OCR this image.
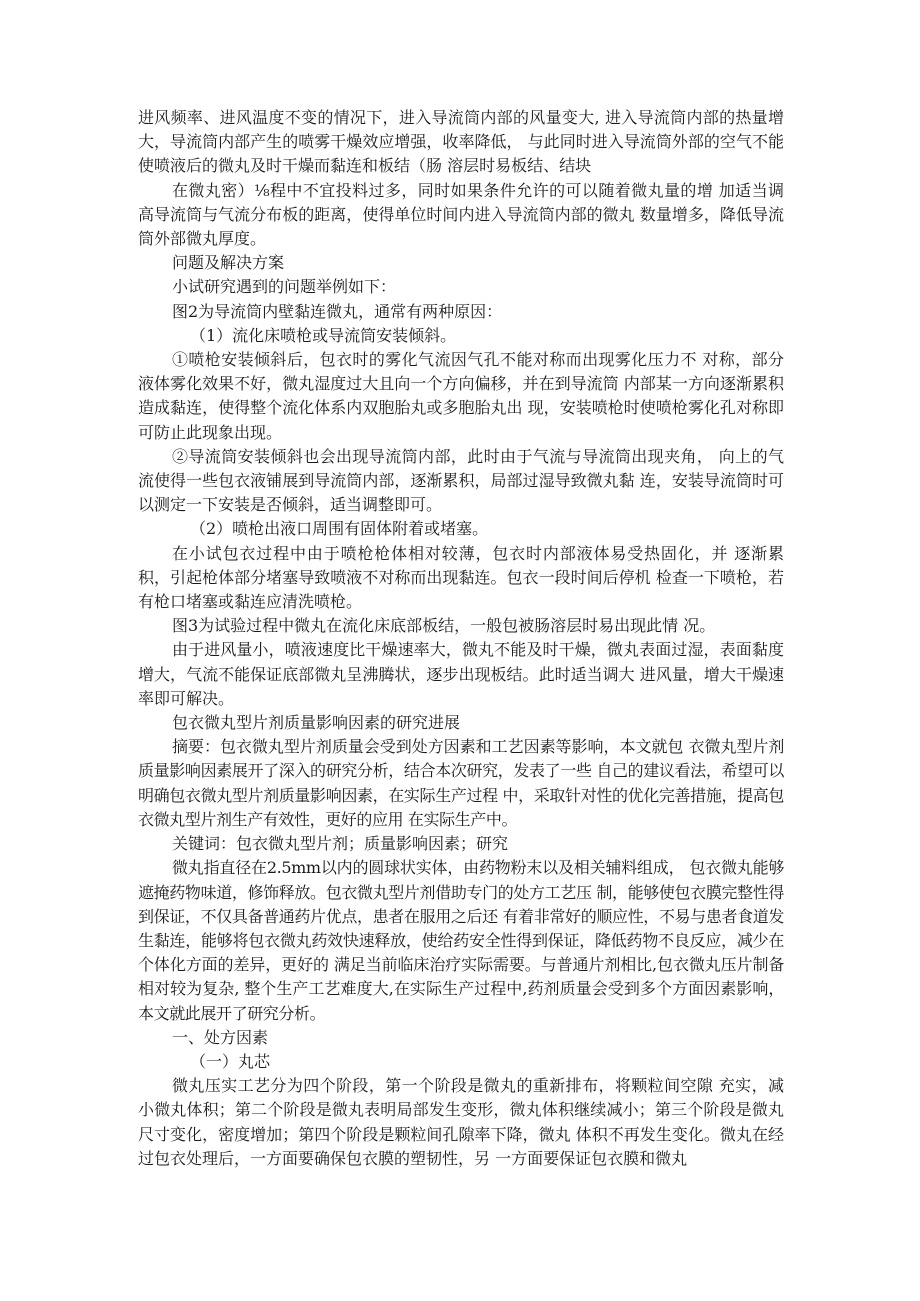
进风频率、进风温度不变的情况下，进入导流筒内部的风量变大, 进入导流筒内部的热量增大，导流筒内部产生的喷雾干燥效应增强，收率降低， 与此同时进入导流筒外部的空气不能使喷液后的微丸及时干燥而黏连和板结（肠 溶层时易板结、结块

在微丸密）⅛程中不宜投料过多，同时如果条件允许的可以随着微丸量的增 加适当调高导流筒与气流分布板的距离，使得单位时间内进入导流筒内部的微丸 数量增多，降低导流筒外部微丸厚度。

问题及解决方案

小试研究遇到的问题举例如下：

图2为导流筒内壁黏连微丸，通常有两种原因：

（1）流化床喷枪或导流筒安装倾斜。

①喷枪安装倾斜后，包衣时的雾化气流因气孔不能对称而出现雾化压力不 对称，部分液体雾化效果不好，微丸湿度过大且向一个方向偏移，并在到导流筒 内部某一方向逐渐累积造成黏连，使得整个流化体系内双胞胎丸或多胞胎丸出 现，安装喷枪时使喷枪雾化孔对称即可防止此现象出现。

②导流筒安装倾斜也会出现导流筒内部，此时由于气流与导流筒出现夹角， 向上的气流使得一些包衣液铺展到导流筒内部，逐渐累积，局部过湿导致微丸黏 连，安装导流筒时可以测定一下安装是否倾斜，适当调整即可。

（2）喷枪出液口周围有固体附着或堵塞。

在小试包衣过程中由于喷枪枪体相对较薄，包衣时内部液体易受热固化，并 逐渐累积，引起枪体部分堵塞导致喷液不对称而出现黏连。包衣一段时间后停机 检查一下喷枪，若有枪口堵塞或黏连应清洗喷枪。

图3为试验过程中微丸在流化床底部板结，一般包被肠溶层时易出现此情 况。

由于进风量小，喷液速度比干燥速率大，微丸不能及时干燥，微丸表面过湿，表面黏度增大，气流不能保证底部微丸呈沸腾状，逐步出现板结。此时适当调大 进风量，增大干燥速率即可解决。

包衣微丸型片剂质量影响因素的研究进展

摘要：包衣微丸型片剂质量会受到处方因素和工艺因素等影响，本文就包 衣微丸型片剂质量影响因素展开了深入的研究分析，结合本次研究，发表了一些 自己的建议看法，希望可以明确包衣微丸型片剂质量影响因素，在实际生产过程 中，采取针对性的优化完善措施，提高包衣微丸型片剂生产有效性，更好的应用 在实际生产中。

关键词：包衣微丸型片剂；质量影响因素；研究

微丸指直径在2.5mm以内的圆球状实体，由药物粉末以及相关辅料组成， 包衣微丸能够遮掩药物味道，修饰释放。包衣微丸型片剂借助专门的处方工艺压 制，能够使包衣膜完整性得到保证，不仅具备普通药片优点，患者在服用之后还 有着非常好的顺应性，不易与患者食道发生黏连，能够将包衣微丸药效快速释放，使给药安全性得到保证，降低药物不良反应，减少在个体化方面的差异，更好的 满足当前临床治疗实际需要。与普通片剂相比,包衣微丸压片制备相对较为复杂, 整个生产工艺难度大,在实际生产过程中,药剂质量会受到多个方面因素影响， 本文就此展开了研究分析。

一、处方因素

（一）丸芯

微丸压实工艺分为四个阶段，第一个阶段是微丸的重新排布，将颗粒间空隙 充实，减小微丸体积；第二个阶段是微丸表明局部发生变形，微丸体积继续减小；第三个阶段是微丸尺寸变化，密度增加；第四个阶段是颗粒间孔隙率下降，微丸 体积不再发生变化。微丸在经过包衣处理后，一方面要确保包衣膜的塑韧性，另 一方面要保证包衣膜和微丸
